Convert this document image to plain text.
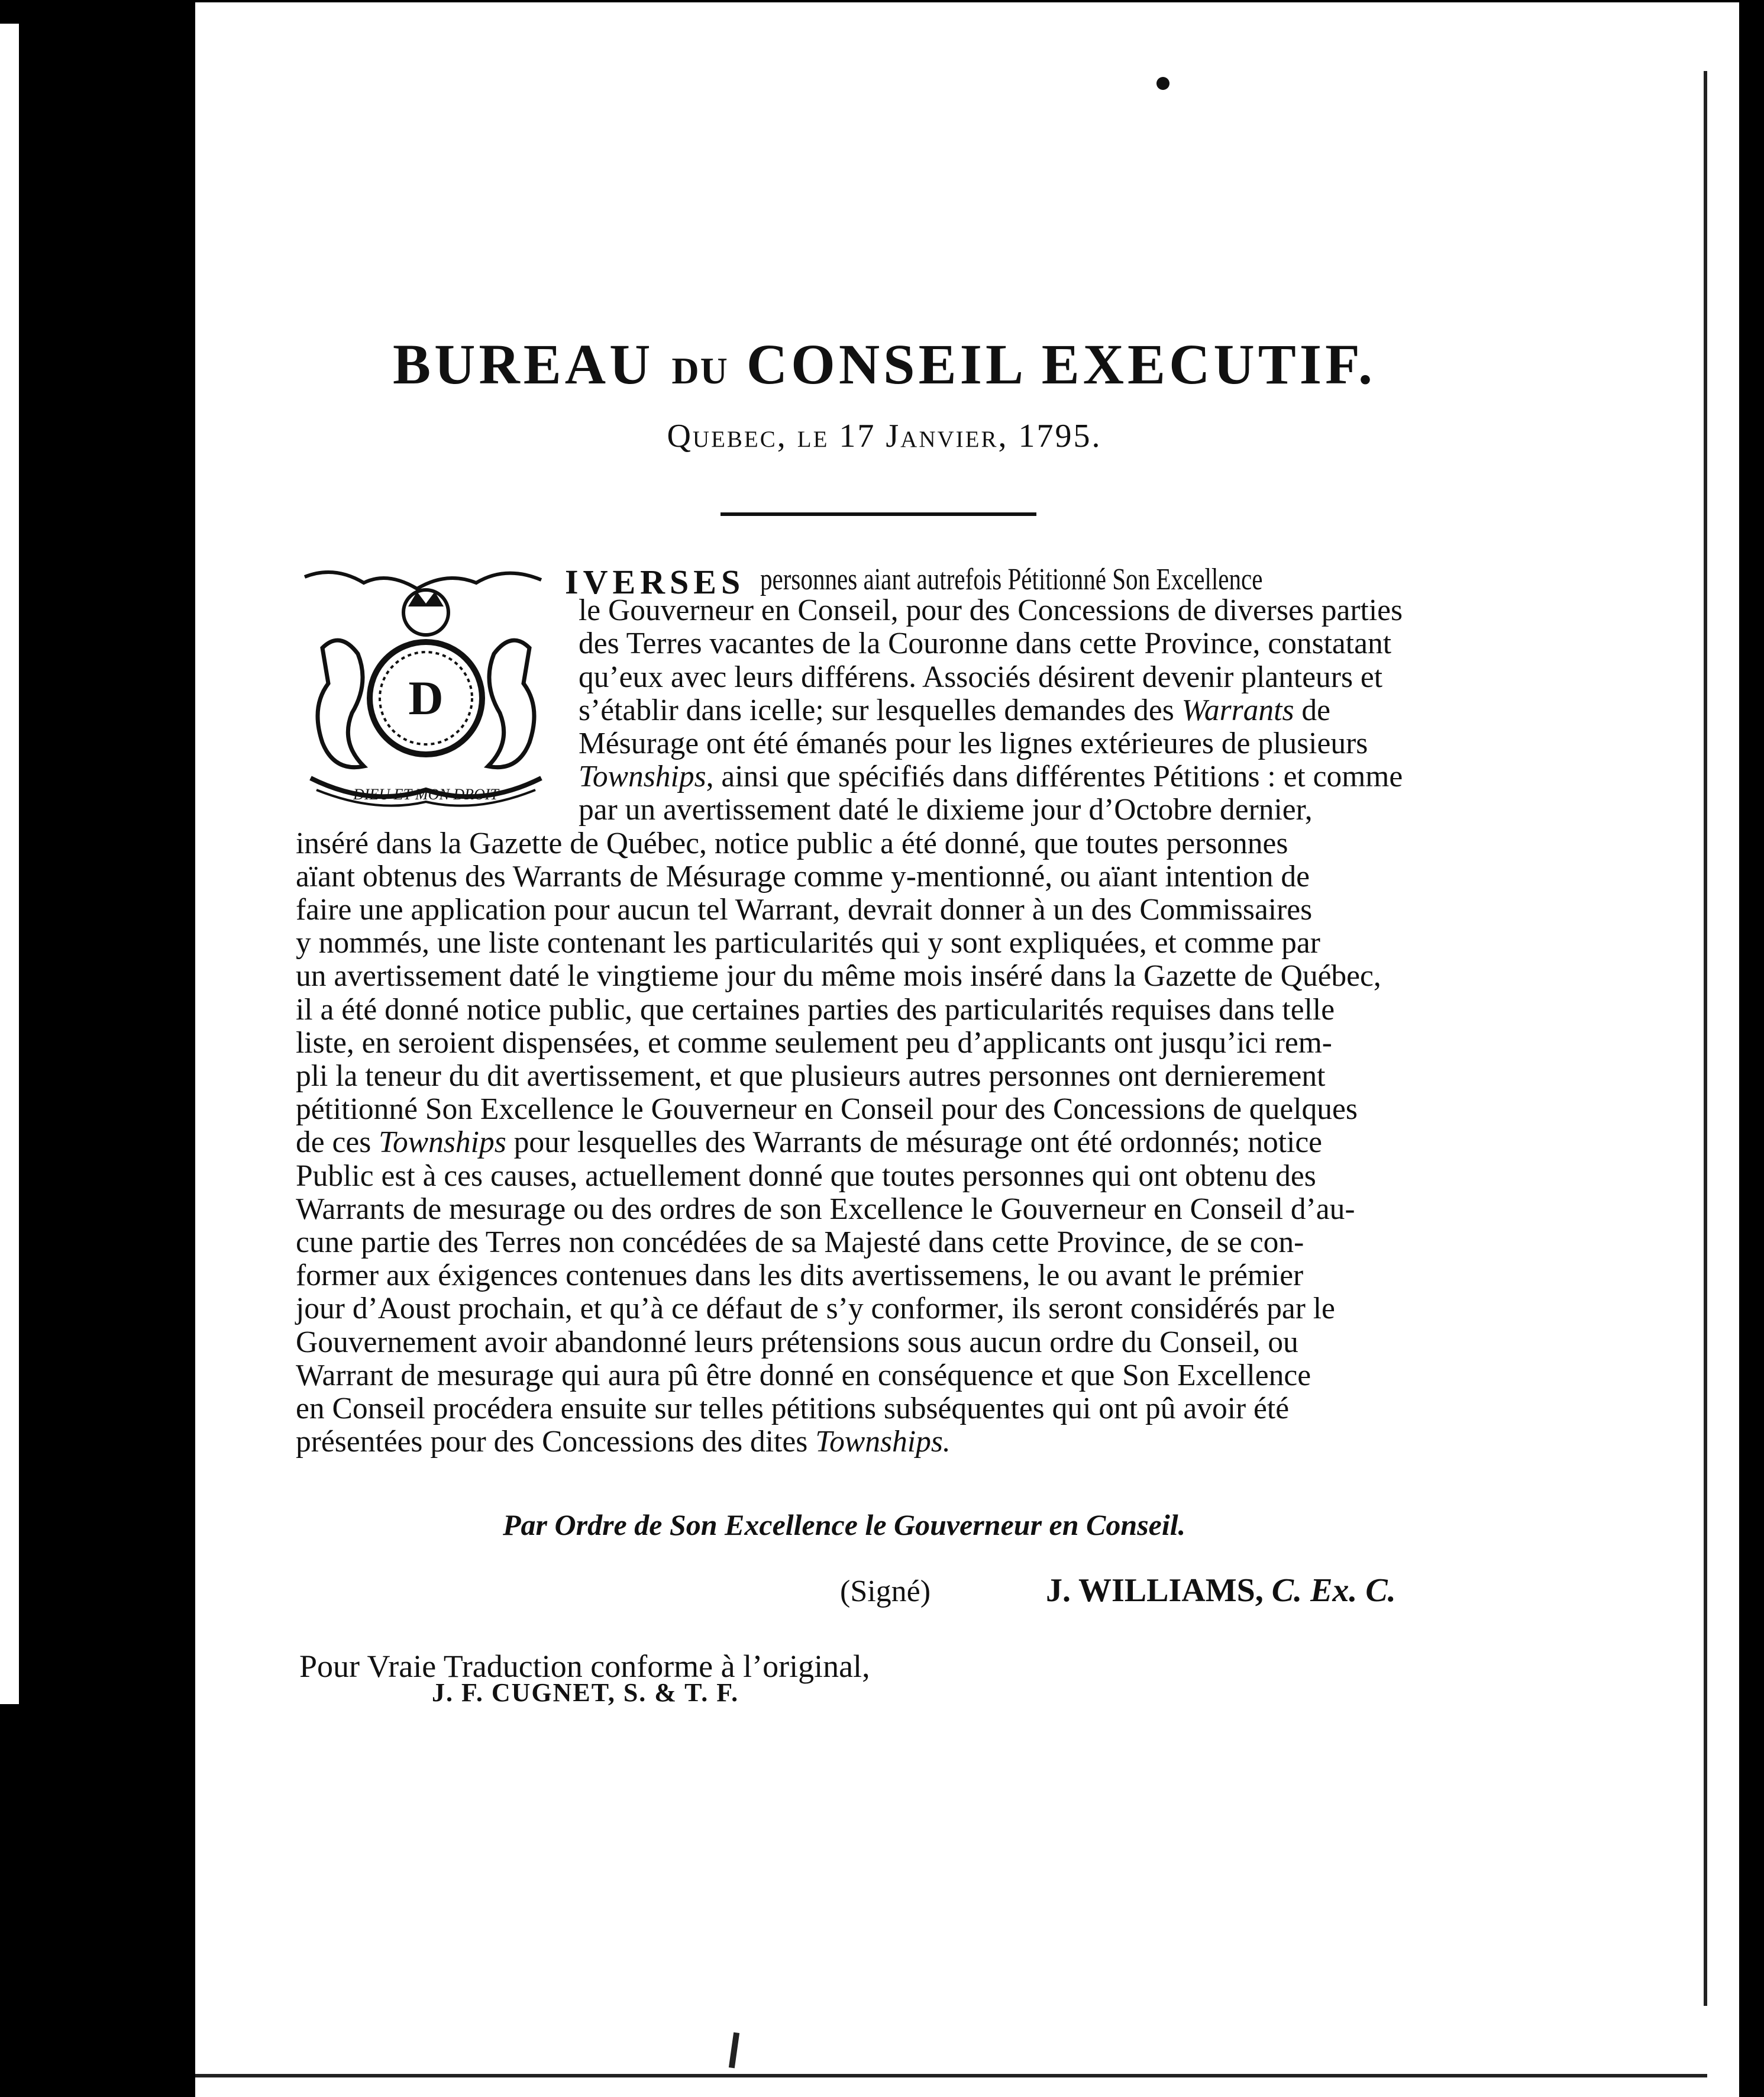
BUREAU DU CONSEIL EXECUTIF.
Quebec, le 17 Janvier, 1795.
D
DIEU ET MON DROIT
IVERSES personnes aiant autrefois Pétitionné Son Excellence
le Gouverneur en Conseil, pour des Concessions de diverses parties
des Terres vacantes de la Couronne dans cette Province, constatant
qu’eux avec leurs différens. Associés désirent devenir planteurs et
s’établir dans icelle; sur lesquelles demandes des Warrants de
Mésurage ont été émanés pour les lignes extérieures de plusieurs
Townships, ainsi que spécifiés dans différentes Pétitions : et comme
par un avertissement daté le dixieme jour d’Octobre dernier,
inséré dans la Gazette de Québec, notice public a été donné, que toutes personnes
aïant obtenus des Warrants de Mésurage comme y-mentionné, ou aïant intention de
faire une application pour aucun tel Warrant, devrait donner à un des Commissaires
y nommés, une liste contenant les particularités qui y sont expliquées, et comme par
un avertissement daté le vingtieme jour du même mois inséré dans la Gazette de Québec,
il a été donné notice public, que certaines parties des particularités requises dans telle
liste, en seroient dispensées, et comme seulement peu d’applicants ont jusqu’ici rem-
pli la teneur du dit avertissement, et que plusieurs autres personnes ont dernierement
pétitionné Son Excellence le Gouverneur en Conseil pour des Concessions de quelques
de ces Townships pour lesquelles des Warrants de mésurage ont été ordonnés; notice
Public est à ces causes, actuellement donné que toutes personnes qui ont obtenu des
Warrants de mesurage ou des ordres de son Excellence le Gouverneur en Conseil d’au-
cune partie des Terres non concédées de sa Majesté dans cette Province, de se con-
former aux éxigences contenues dans les dits avertissemens, le ou avant le prémier
jour d’Aoust prochain, et qu’à ce défaut de s’y conformer, ils seront considérés par le
Gouvernement avoir abandonné leurs prétensions sous aucun ordre du Conseil, ou
Warrant de mesurage qui aura pû être donné en conséquence et que Son Excellence
en Conseil procédera ensuite sur telles pétitions subséquentes qui ont pû avoir été
présentées pour des Concessions des dites Townships.
Par Ordre de Son Excellence le Gouverneur en Conseil.
(Signé)	J. WILLIAMS, C. Ex. C.
Pour Vraie Traduction conforme à l’original,
J. F. CUGNET, S. & T. F.
